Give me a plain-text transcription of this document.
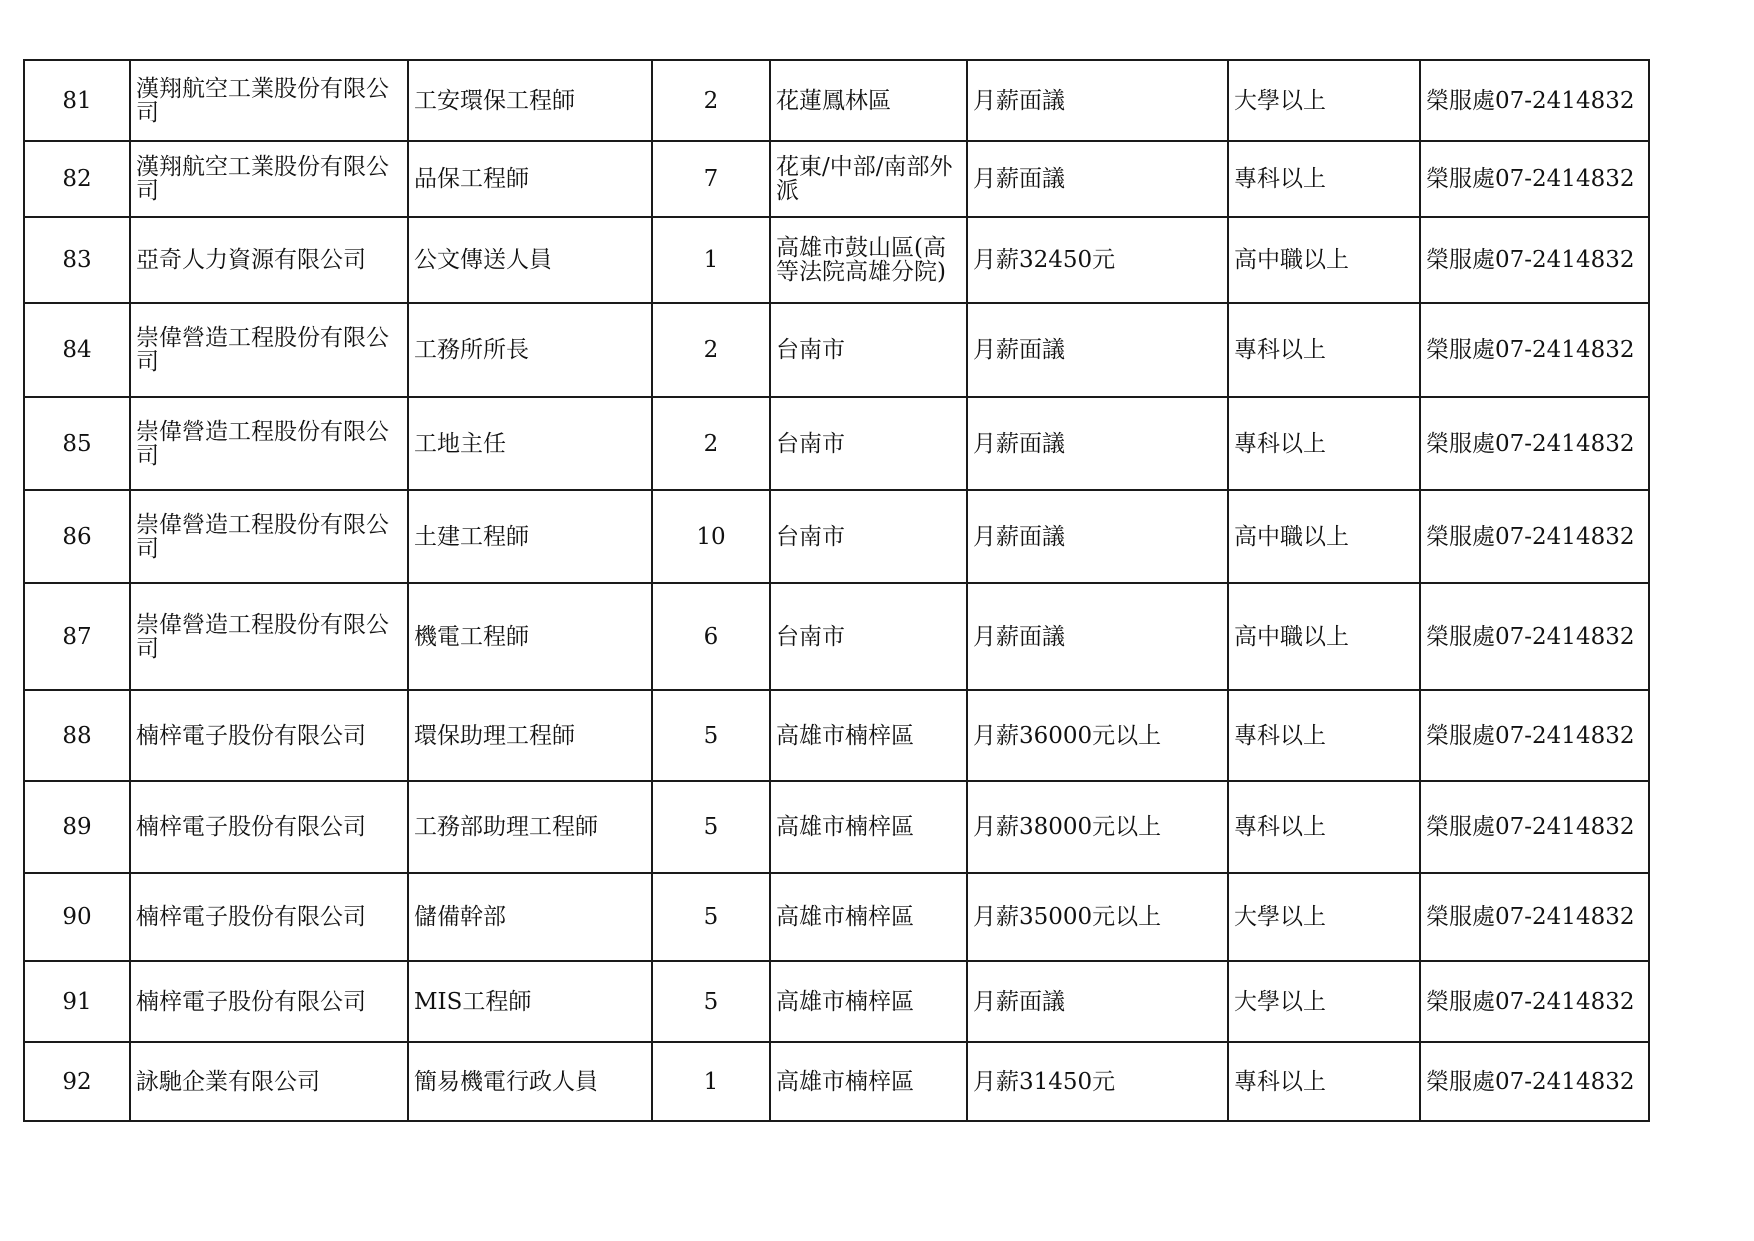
81	漢翔航空工業股份有限公司	工安環保工程師	2	花蓮鳳林區	月薪面議	大學以上	榮服處07-2414832
82	漢翔航空工業股份有限公司	品保工程師	7	花東/中部/南部外派	月薪面議	專科以上	榮服處07-2414832
83	亞奇人力資源有限公司	公文傳送人員	1	高雄市鼓山區(高等法院高雄分院)	月薪32450元	高中職以上	榮服處07-2414832
84	崇偉營造工程股份有限公司	工務所所長	2	台南市	月薪面議	專科以上	榮服處07-2414832
85	崇偉營造工程股份有限公司	工地主任	2	台南市	月薪面議	專科以上	榮服處07-2414832
86	崇偉營造工程股份有限公司	土建工程師	10	台南市	月薪面議	高中職以上	榮服處07-2414832
87	崇偉營造工程股份有限公司	機電工程師	6	台南市	月薪面議	高中職以上	榮服處07-2414832
88	楠梓電子股份有限公司	環保助理工程師	5	高雄市楠梓區	月薪36000元以上	專科以上	榮服處07-2414832
89	楠梓電子股份有限公司	工務部助理工程師	5	高雄市楠梓區	月薪38000元以上	專科以上	榮服處07-2414832
90	楠梓電子股份有限公司	儲備幹部	5	高雄市楠梓區	月薪35000元以上	大學以上	榮服處07-2414832
91	楠梓電子股份有限公司	MIS工程師	5	高雄市楠梓區	月薪面議	大學以上	榮服處07-2414832
92	詠馳企業有限公司	簡易機電行政人員	1	高雄市楠梓區	月薪31450元	專科以上	榮服處07-2414832
